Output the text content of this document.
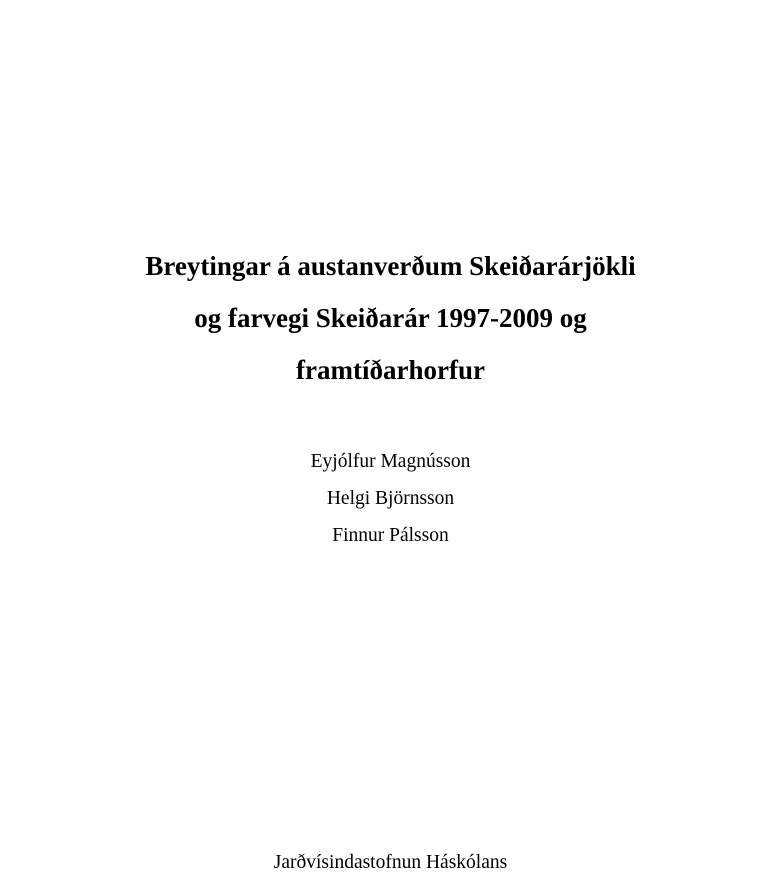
Breytingar á austanverðum Skeiðarárjökli
og farvegi Skeiðarár 1997-2009 og
framtíðarhorfur
Eyjólfur Magnússon
Helgi Björnsson
Finnur Pálsson
Jarðvísindastofnun Háskólans
